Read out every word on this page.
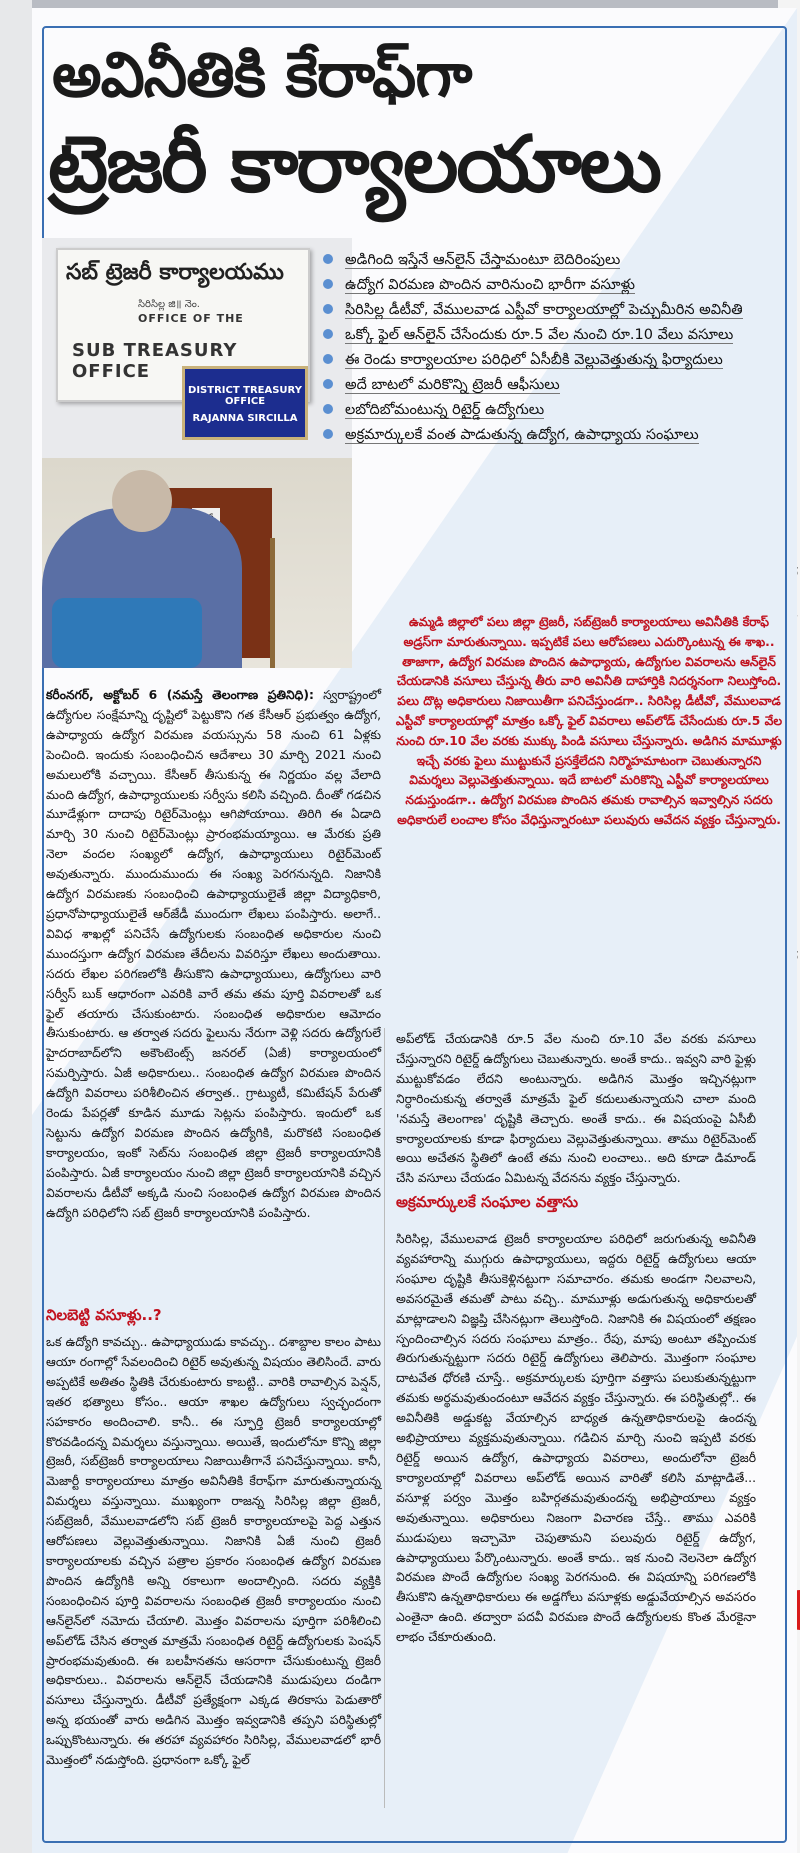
అవినీతికి కేరాఫ్‌గా
ట్రెజరీ కార్యాలయాలు
సబ్ ట్రెజరీ కార్యాలయము
సిరిసిల్ల జి॥ నెం.
OFFICE OF THE
SUB TREASURY OFFICE
DISTRICT TREASURY OFFICE
RAJANNA SIRCILLA
అడిగింది ఇస్తేనే ఆన్‌లైన్ చేస్తామంటూ బెదిరింపులు
ఉద్యోగ విరమణ పొందిన వారినుంచి భారీగా వసూళ్లు
సిరిసిల్ల డీటీవో, వేములవాడ ఎస్టీవో కార్యాలయాల్లో పెచ్చుమీరిన అవినీతి
ఒక్కో ఫైల్ ఆన్‌లైన్ చేసేందుకు రూ.5 వేల నుంచి రూ.10 వేలు వసూలు
ఈ రెండు కార్యాలయాల పరిధిలో ఏసీబీకి వెల్లువెత్తుతున్న ఫిర్యాదులు
అదే బాటలో మరికొన్ని ట్రెజరీ ఆఫీసులు
లబోదిబోమంటున్న రిటైర్డ్ ఉద్యోగులు
అక్రమార్కులకే వంత పాడుతున్న ఉద్యోగ, ఉపాధ్యాయ సంఘాలు
ఉమ్మడి జిల్లాలో పలు జిల్లా ట్రెజరీ, సబ్‌ట్రెజరీ కార్యాలయాలు అవినీతికి కేరాఫ్ అడ్రస్‌గా మారుతున్నాయి. ఇప్పటికే పలు ఆరోపణలు ఎదుర్కొంటున్న ఈ శాఖ.. తాజాగా, ఉద్యోగ విరమణ పొందిన ఉపాధ్యాయ, ఉద్యోగుల వివరాలను ఆన్‌లైన్ చేయడానికి వసూలు చేస్తున్న తీరు వారి అవినీతి దాహార్తికి నిదర్శనంగా నిలుస్తోంది. పలు దొట్ల అధికారులు నిజాయితీగా పనిచేస్తుండగా.. సిరిసిల్ల డీటీవో, వేములవాడ ఎస్టీవో కార్యాలయాల్లో మాత్రం ఒక్కో ఫైల్ వివరాలు అప్‌లోడ్ చేసేందుకు రూ.5 వేల నుంచి రూ.10 వేల వరకు ముక్కు పిండి వసూలు చేస్తున్నారు. అడిగిన మామూళ్లు ఇచ్చే వరకు ఫైలు ముట్టుకునే ప్రసక్తేలేదని నిర్మొహమాటంగా చెబుతున్నారని విమర్శలు వెల్లువెత్తుతున్నాయి. ఇదే బాటలో మరికొన్ని ఎస్టీవో కార్యాలయాలు నడుస్తుండగా.. ఉద్యోగ విరమణ పొందిన తమకు రావాల్సిన ఇవ్వాల్సిన సదరు అధికారులే లంచాల కోసం వేధిస్తున్నారంటూ పలువురు ఆవేదన వ్యక్తం చేస్తున్నారు.

కరీంనగర్, అక్టోబర్ 6 (నమస్తే తెలంగాణ ప్రతినిధి): స్వరాష్ట్రంలో ఉద్యోగుల సంక్షేమాన్ని దృష్టిలో పెట్టుకొని గత కేసీఆర్ ప్రభుత్వం ఉద్యోగ, ఉపాధ్యాయ ఉద్యోగ విరమణ వయస్సును 58 నుంచి 61 ఏళ్లకు పెంచింది. ఇందుకు సంబంధించిన ఆదేశాలు 30 మార్చి 2021 నుంచి అమలులోకి వచ్చాయి. కేసీఆర్ తీసుకున్న ఈ నిర్ణయం వల్ల వేలాది మంది ఉద్యోగ, ఉపాధ్యాయులకు సర్వీసు కలిసి వచ్చింది. దీంతో గడచిన మూడేళ్లుగా దాదాపు రిటైర్‌మెంట్లు ఆగిపోయాయి. తిరిగి ఈ ఏడాది మార్చి 30 నుంచి రిటైర్‌మెంట్లు ప్రారంభమయ్యాయి. ఆ మేరకు ప్రతి నెలా వందల సంఖ్యలో ఉద్యోగ, ఉపాధ్యాయులు రిటైర్‌మెంట్ అవుతున్నారు. ముందుముందు ఈ సంఖ్య పెరగనున్నది. నిజానికి ఉద్యోగ విరమణకు సంబంధించి ఉపాధ్యాయులైతే జిల్లా విద్యాధికారి, ప్రధానోపాధ్యాయులైతే ఆర్‌జేడీ ముందుగా లేఖలు పంపిస్తారు. అలాగే.. వివిధ శాఖల్లో పనిచేసే ఉద్యోగులకు సంబంధిత అధికారుల నుంచి ముందస్తుగా ఉద్యోగ విరమణ తేదీలను వివరిస్తూ లేఖలు అందుతాయి. సదరు లేఖల పరిగణలోకి తీసుకొని ఉపాధ్యాయులు, ఉద్యోగులు వారి సర్వీస్ బుక్ ఆధారంగా ఎవరికి వారే తమ తమ పూర్తి వివరాలతో ఒక ఫైల్ తయారు చేసుకుంటారు. సంబంధిత అధికారుల ఆమోదం తీసుకుంటారు. ఆ తర్వాత సదరు ఫైలును నేరుగా వెళ్లి సదరు ఉద్యోగులే హైదరాబాద్‌లోని అకౌంటెంట్స్ జనరల్ (ఏజీ) కార్యాలయంలో సమర్పిస్తారు. ఏజీ అధికారులు.. సంబంధిత ఉద్యోగ విరమణ పొందిన ఉద్యోగి వివరాలు పరిశీలించిన తర్వాత.. గ్రాట్యుటీ, కమిటేషన్ పేరుతో రెండు పేపర్లతో కూడిన మూడు సెట్లను పంపిస్తారు. ఇందులో ఒక సెట్టును ఉద్యోగ విరమణ పొందిన ఉద్యోగికి, మరొకటి సంబంధిత కార్యాలయం, ఇంకో సెట్‌ను సంబంధిత జిల్లా ట్రెజరీ కార్యాలయానికి పంపిస్తారు. ఏజీ కార్యాలయం నుంచి జిల్లా ట్రెజరీ కార్యాలయానికి వచ్చిన వివరాలను డీటీవో అక్కడి నుంచి సంబంధిత ఉద్యోగ విరమణ పొందిన ఉద్యోగి పరిధిలోని సబ్ ట్రెజరీ కార్యాలయానికి పంపిస్తారు.

నిలబెట్టి వసూళ్లు..?
ఒక ఉద్యోగి కావచ్చు.. ఉపాధ్యాయుడు కావచ్చు.. దశాబ్దాల కాలం పాటు ఆయా రంగాల్లో సేవలందించి రిటైర్ అవుతున్న విషయం తెలిసిందే. వారు అప్పటికే అతితం స్థితికి చేరుకుంటారు కాబట్టి.. వారికి రావాల్సిన పెన్షన్, ఇతర భత్యాలు కోసం.. ఆయా శాఖల ఉద్యోగులు స్వచ్ఛందంగా సహకారం అందించాలి. కానీ.. ఈ స్ఫూర్తి ట్రెజరీ కార్యాలయాల్లో కొరవడిందన్న విమర్శలు వస్తున్నాయి. అయితే, ఇందులోనూ కొన్ని జిల్లా ట్రెజరీ, సబ్‌ట్రెజరీ కార్యాలయాలు నిజాయితీగానే పనిచేస్తున్నాయి. కానీ, మెజార్టీ కార్యాలయాలు మాత్రం అవినీతికి కేరాఫ్‌గా మారుతున్నాయన్న విమర్శలు వస్తున్నాయి. ముఖ్యంగా రాజన్న సిరిసిల్ల జిల్లా ట్రెజరీ, సబ్‌ట్రెజరీ, వేములవాడలోని సబ్ ట్రెజరీ కార్యాలయాలపై పెద్ద ఎత్తున ఆరోపణలు వెల్లువెత్తుతున్నాయి. నిజానికి ఏజీ నుంచి ట్రెజరీ కార్యాలయాలకు వచ్చిన పత్రాల ప్రకారం సంబంధిత ఉద్యోగ విరమణ పొందిన ఉద్యోగికి అన్ని రకాలుగా అందాల్సింది. సదరు వ్యక్తికి సంబంధించిన పూర్తి వివరాలను సంబంధిత ట్రెజరీ కార్యాలయం నుంచి ఆన్‌లైన్‌లో నమోదు చేయాలి. మొత్తం వివరాలను పూర్తిగా పరిశీలించి అప్‌లోడ్ చేసిన తర్వాత మాత్రమే సంబంధిత రిటైర్డ్ ఉద్యోగులకు పెంషన్ ప్రారంభమవుతుంది. ఈ బలహీనతను ఆసరాగా చేసుకుంటున్న ట్రెజరీ అధికారులు.. వివరాలను ఆన్‌లైన్ చేయడానికి ముడుపులు దండిగా వసూలు చేస్తున్నారు. డీటీవో ప్రత్యేక్షంగా ఎక్కడ తిరకాసు పెడుతారో అన్న భయంతో వారు అడిగిన మొత్తం ఇవ్వడానికి తప్పని పరిస్థితుల్లో ఒప్పుకొంటున్నారు. ఈ తరహా వ్యవహారం సిరిసిల్ల, వేములవాడలో భారీ మొత్తంలో నడుస్తోంది. ప్రధానంగా ఒక్కో ఫైల్
అప్‌లోడ్ చేయడానికి రూ.5 వేల నుంచి రూ.10 వేల వరకు వసూలు చేస్తున్నారని రిటైర్డ్ ఉద్యోగులు చెబుతున్నారు. అంతే కాదు.. ఇవ్వని వారి ఫైళ్లు ముట్టుకోవడం లేదని అంటున్నారు. అడిగిన మొత్తం ఇచ్చినట్లుగా నిర్ధారించుకున్న తర్వాతే మాత్రమే ఫైల్ కదులుతున్నాయని చాలా మంది 'నమస్తే తెలంగాణ' దృష్టికి తెచ్చారు. అంతే కాదు.. ఈ విషయంపై ఏసీబీ కార్యాలయాలకు కూడా ఫిర్యాదులు వెల్లువెత్తుతున్నాయి. తాము రిటైర్‌మెంట్ అయి అచేతన స్థితిలో ఉంటే తమ నుంచి లంచాలు.. అది కూడా డిమాండ్ చేసి వసూలు చేయడం ఏమిటన్న వేదనను వ్యక్తం చేస్తున్నారు.
అక్రమార్కులకే సంఘాల వత్తాసు
సిరిసిల్ల, వేములవాడ ట్రెజరీ కార్యాలయాల పరిధిలో జరుగుతున్న అవినీతి వ్యవహారాన్ని ముగ్గురు ఉపాధ్యాయులు, ఇద్దరు రిటైర్డ్ ఉద్యోగులు ఆయా సంఘాల దృష్టికి తీసుకెళ్లినట్టుగా సమాచారం. తమకు అండగా నిలవాలని, అవసరమైతే తమతో పాటు వచ్చి.. మామూళ్లు అడుగుతున్న అధికారులతో మాట్లాడాలని విజ్ఞప్తి చేసినట్లుగా తెలుస్తోంది. నిజానికి ఈ విషయంలో తక్షణం స్పందించాల్సిన సదరు సంఘాలు మాత్రం.. రేపు, మాపు అంటూ తప్పించుక తిరుగుతున్నట్టుగా సదరు రిటైర్డ్ ఉద్యోగులు తెలిపారు. మొత్తంగా సంఘాల దాటవేత ధోరణి చూస్తే.. అక్రమార్కులకు పూర్తిగా వత్తాసు పలుకుతున్నట్టుగా తమకు అర్థమవుతుందంటూ ఆవేదన వ్యక్తం చేస్తున్నారు. ఈ పరిస్థితుల్లో.. ఈ అవినీతికి అడ్డుకట్ట వేయాల్సిన బాధ్యత ఉన్నతాధికారులపై ఉందన్న అభిప్రాయాలు వ్యక్తమవుతున్నాయి. గడిచిన మార్చి నుంచి ఇప్పటి వరకు రిటైర్డ్ అయిన ఉద్యోగ, ఉపాధ్యాయ వివరాలు, అందులోనా ట్రెజరీ కార్యాలయాల్లో వివరాలు అప్‌లోడ్ అయిన వారితో కలిసి మాట్లాడితే... వసూళ్ల పర్వం మొత్తం బహిర్గతమవుతుందన్న అభిప్రాయాలు వ్యక్తం అవుతున్నాయి. అధికారులు నిజంగా విచారణ చేస్తే.. తాము ఎవరికి ముడుపులు ఇచ్చామో చెపుతామని పలువురు రిటైర్డ్ ఉద్యోగ, ఉపాధ్యాయులు పేర్కొంటున్నారు. అంతే కాదు.. ఇక నుంచి నెలనెలా ఉద్యోగ విరమణ పొందే ఉద్యోగుల సంఖ్య పెరగనుంది. ఈ విషయాన్ని పరిగణలోకి తీసుకొని ఉన్నతాధికారులు ఈ అడ్డగోలు వసూళ్లకు అడ్డువేయాల్సిన అవసరం ఎంతైనా ఉంది. తద్వారా పదవీ విరమణ పొందే ఉద్యోగులకు కొంత మేరకైనా లాభం చేకూరుతుంది.
